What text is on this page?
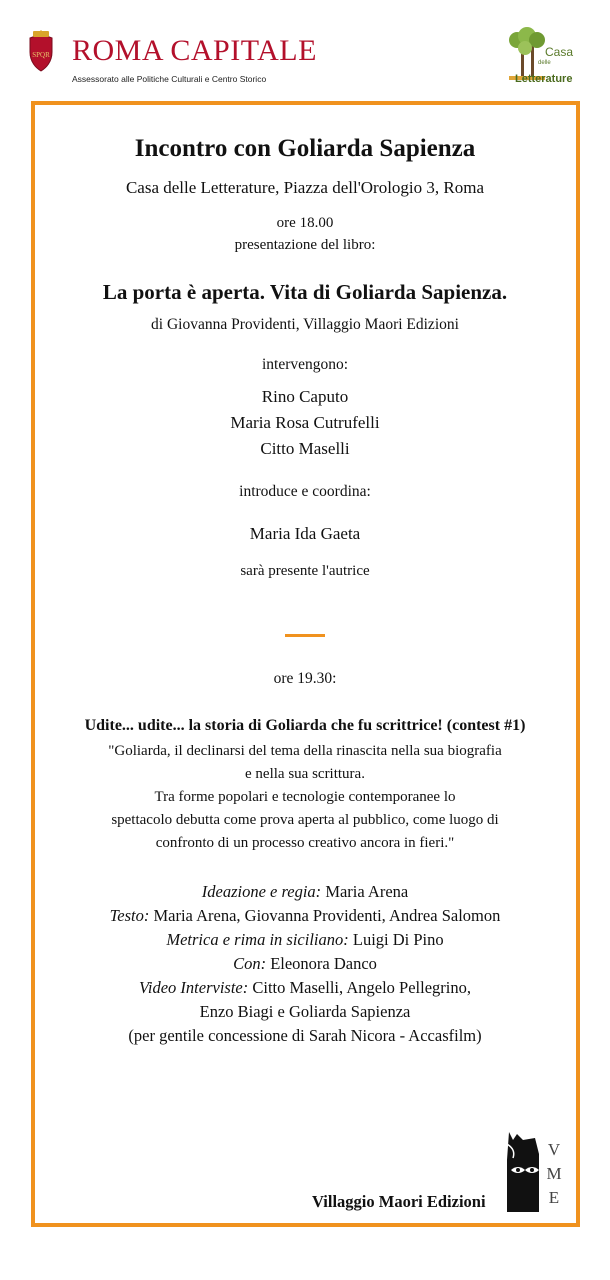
SPQR ROMA CAPITALE
Assessorato alle Politiche Culturali e Centro Storico
Casa
delle
Letterature
Incontro con Goliarda Sapienza
Casa delle Letterature, Piazza dell'Orologio 3, Roma
ore 18.00
presentazione del libro:
La porta è aperta. Vita di Goliarda Sapienza.
di Giovanna Providenti, Villaggio Maori Edizioni
intervengono:
Rino Caputo
Maria Rosa Cutrufelli
Citto Maselli
introduce e coordina:
Maria Ida Gaeta
sarà presente l'autrice
ore 19.30:
Udite... udite... la storia di Goliarda che fu scrittrice! (contest #1)
"Goliarda, il declinarsi del tema della rinascita nella sua biografia
e nella sua scrittura.
Tra forme popolari e tecnologie contemporanee lo
spettacolo debutta come prova aperta al pubblico, come luogo di
confronto di un processo creativo ancora in fieri."
Ideazione e regia: Maria Arena
Testo: Maria Arena, Giovanna Providenti, Andrea Salomon
Metrica e rima in siciliano: Luigi Di Pino
Con: Eleonora Danco
Video Interviste: Citto Maselli, Angelo Pellegrino,
Enzo Biagi e Goliarda Sapienza
(per gentile concessione di Sarah Nicora - Accasfilm)
V
M
E
Villaggio Maori Edizioni
